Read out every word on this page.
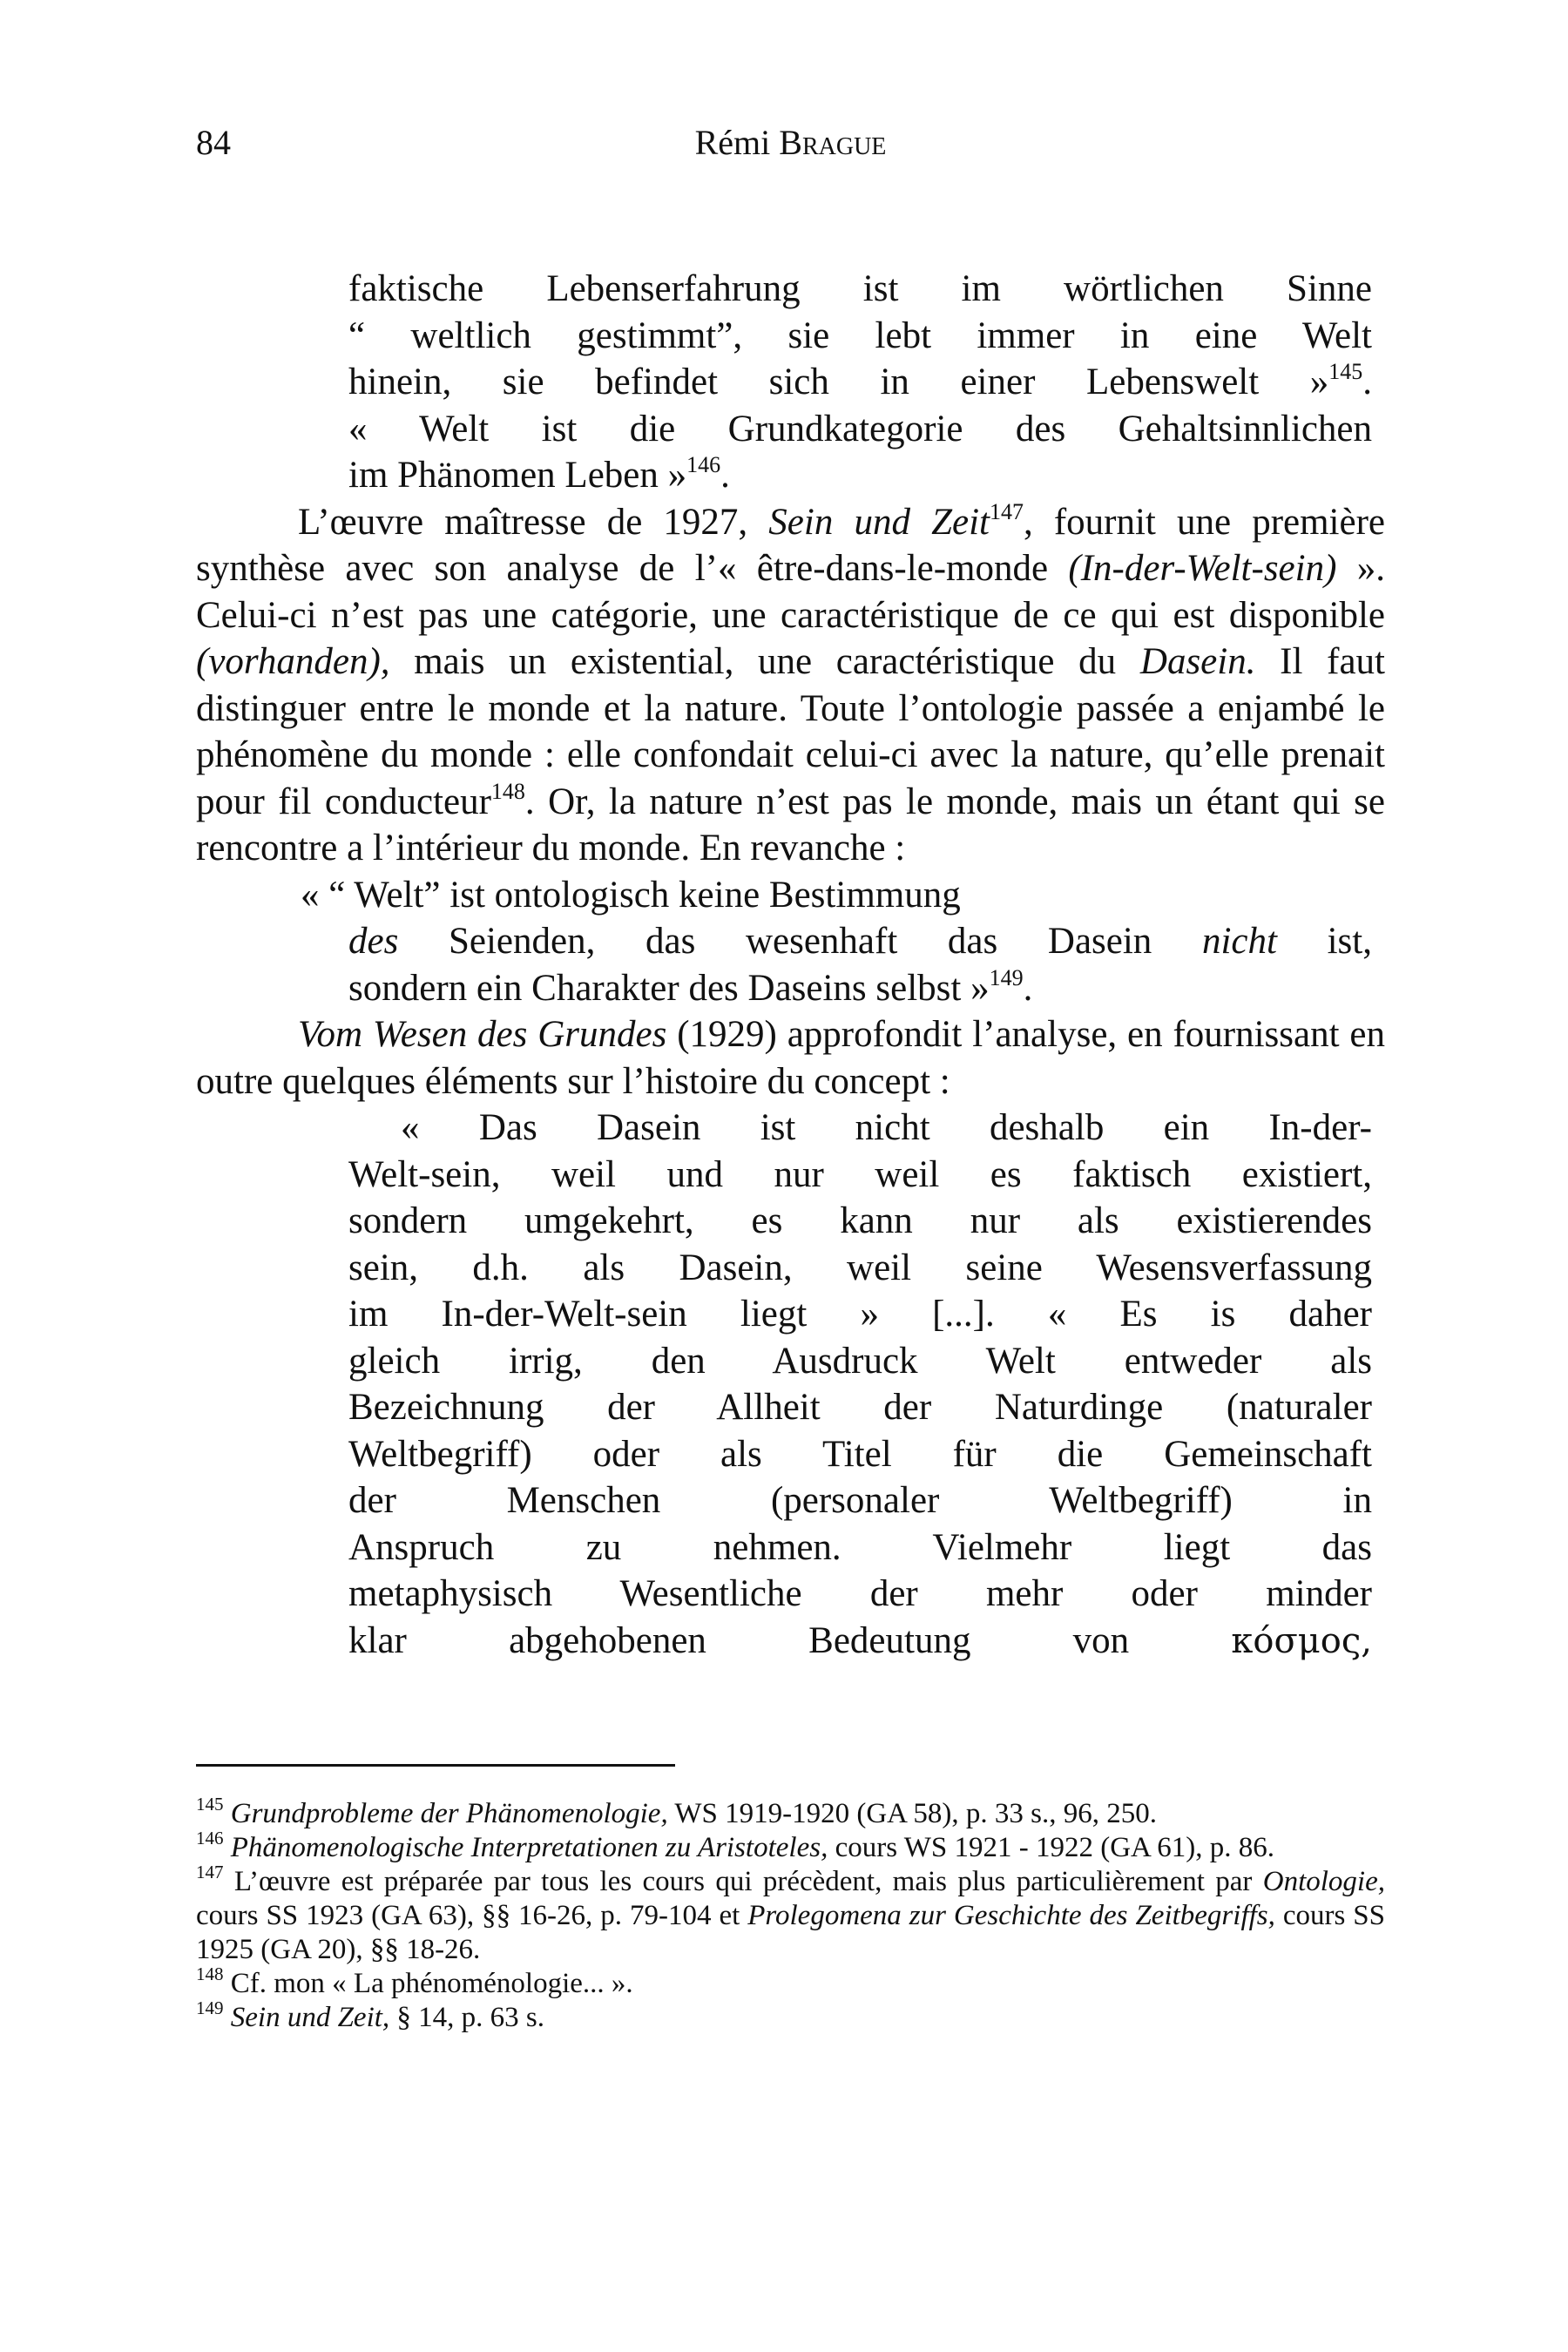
84	Rémi Brague
faktische Lebenserfahrung ist im wörtlichen Sinne
“ weltlich gestimmt”, sie lebt immer in eine Welt
hinein, sie befindet sich in einer Lebenswelt »$^{145}$.
« Welt ist die Grundkategorie des Gehaltsinnlichen
im Phänomen Leben »$^{146}$.

L’œuvre maîtresse de 1927, Sein und Zeit$^{147}$, fournit une première synthèse avec son analyse de l’« être-dans-le-monde (In-der-Welt-sein) ». Celui-ci n’est pas une catégorie, une caractéristique de ce qui est disponible (vorhanden), mais un existential, une caractéristique du Dasein. Il faut distinguer entre le monde et la nature. Toute l’ontologie passée a enjambé le phénomène du monde : elle confondait celui-ci avec la nature, qu’elle prenait pour fil conducteur$^{148}$. Or, la nature n’est pas le monde, mais un étant qui se rencontre a l’intérieur du monde. En revanche :

« “ Welt” ist ontologisch keine Bestimmung
des Seienden, das wesenhaft das Dasein nicht ist,
sondern ein Charakter des Daseins selbst »$^{149}$.

Vom Wesen des Grundes (1929) approfondit l’analyse, en fournissant en outre quelques éléments sur l’histoire du concept :

« Das Dasein ist nicht deshalb ein In-der-
Welt-sein, weil und nur weil es faktisch existiert,
sondern umgekehrt, es kann nur als existierendes
sein, d.h. als Dasein, weil seine Wesensverfassung
im In-der-Welt-sein liegt » [...]. « Es is daher
gleich irrig, den Ausdruck Welt entweder als
Bezeichnung der Allheit der Naturdinge (naturaler
Weltbegriff) oder als Titel für die Gemeinschaft
der Menschen (personaler Weltbegriff) in
Anspruch zu nehmen. Vielmehr liegt das
metaphysisch Wesentliche der mehr oder minder
klar abgehobenen Bedeutung von κόσμος,
$^{145}$ Grundprobleme der Phänomenologie, WS 1919-1920 (GA 58), p. 33 s., 96, 250.
$^{146}$ Phänomenologische Interpretationen zu Aristoteles, cours WS 1921 - 1922 (GA 61), p. 86.
$^{147}$ L’œuvre est préparée par tous les cours qui précèdent, mais plus particulièrement par Ontologie, cours SS 1923 (GA 63), §§ 16-26, p. 79-104 et Prolegomena zur Geschichte des Zeitbegriffs, cours SS 1925 (GA 20), §§ 18-26.
$^{148}$ Cf. mon « La phénoménologie... ».
$^{149}$ Sein und Zeit, § 14, p. 63 s.
